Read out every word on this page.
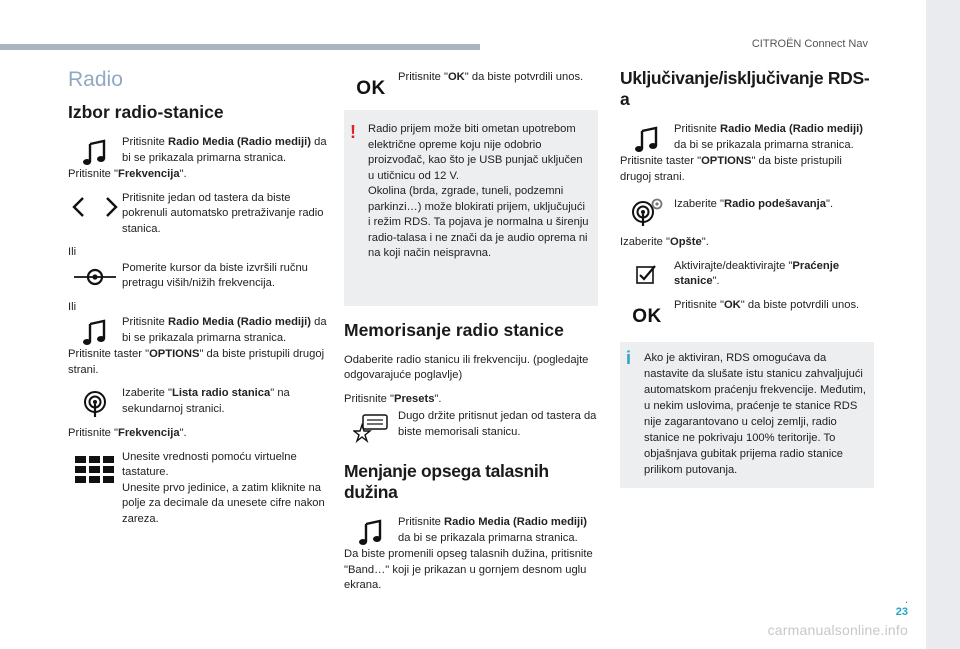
CITROËN Connect Nav
.
23
carmanualsonline.info
Radio
Izbor radio-stanice
Pritisnite Radio Media (Radio mediji) da bi se prikazala primarna stranica.
Pritisnite "Frekvencija".
Pritisnite jedan od tastera da biste pokrenuli automatsko pretraživanje radio stanica.
Ili
Pomerite kursor da biste izvršili ručnu pretragu viših/nižih frekvencija.
Ili
Pritisnite Radio Media (Radio mediji) da bi se prikazala primarna stranica.
Pritisnite taster "OPTIONS" da biste pristupili drugoj strani.
Izaberite "Lista radio stanica" na sekundarnoj stranici.
Pritisnite "Frekvencija".
Unesite vrednosti pomoću virtuelne tastature.
Unesite prvo jedinice, a zatim kliknite na polje za decimale da unesete cifre nakon zareza.
OK
Pritisnite "OK" da biste potvrdili unos.
!	Radio prijem može biti ometan upotrebom električne opreme koju nije odobrio proizvođač, kao što je USB punjač uključen u utičnicu od 12 V.
Okolina (brda, zgrade, tuneli, podzemni parkinzi…) može blokirati prijem, uključujući i režim RDS. Ta pojava je normalna u širenju radio-talasa i ne znači da je audio oprema ni na koji način neispravna.
Memorisanje radio stanice
Odaberite radio stanicu ili frekvenciju. (pogledajte odgovarajuće poglavlje)
Pritisnite "Presets".
Dugo držite pritisnut jedan od tastera da biste memorisali stanicu.
Menjanje opsega talasnih dužina
Pritisnite Radio Media (Radio mediji) da bi se prikazala primarna stranica.
Da biste promenili opseg talasnih dužina, pritisnite "Band…" koji je prikazan u gornjem desnom uglu ekrana.
Uključivanje/isključivanje RDS-a
Pritisnite Radio Media (Radio mediji) da bi se prikazala primarna stranica.
Pritisnite taster "OPTIONS" da biste pristupili drugoj strani.
Izaberite "Radio podešavanja".
Izaberite "Opšte".
Aktivirajte/deaktivirajte "Praćenje stanice".
OK
Pritisnite "OK" da biste potvrdili unos.
i	Ako je aktiviran, RDS omogućava da nastavite da slušate istu stanicu zahvaljujući automatskom praćenju frekvencije. Međutim, u nekim uslovima, praćenje te stanice RDS nije zagarantovano u celoj zemlji, radio stanice ne pokrivaju 100% teritorije. To objašnjava gubitak prijema radio stanice prilikom putovanja.
